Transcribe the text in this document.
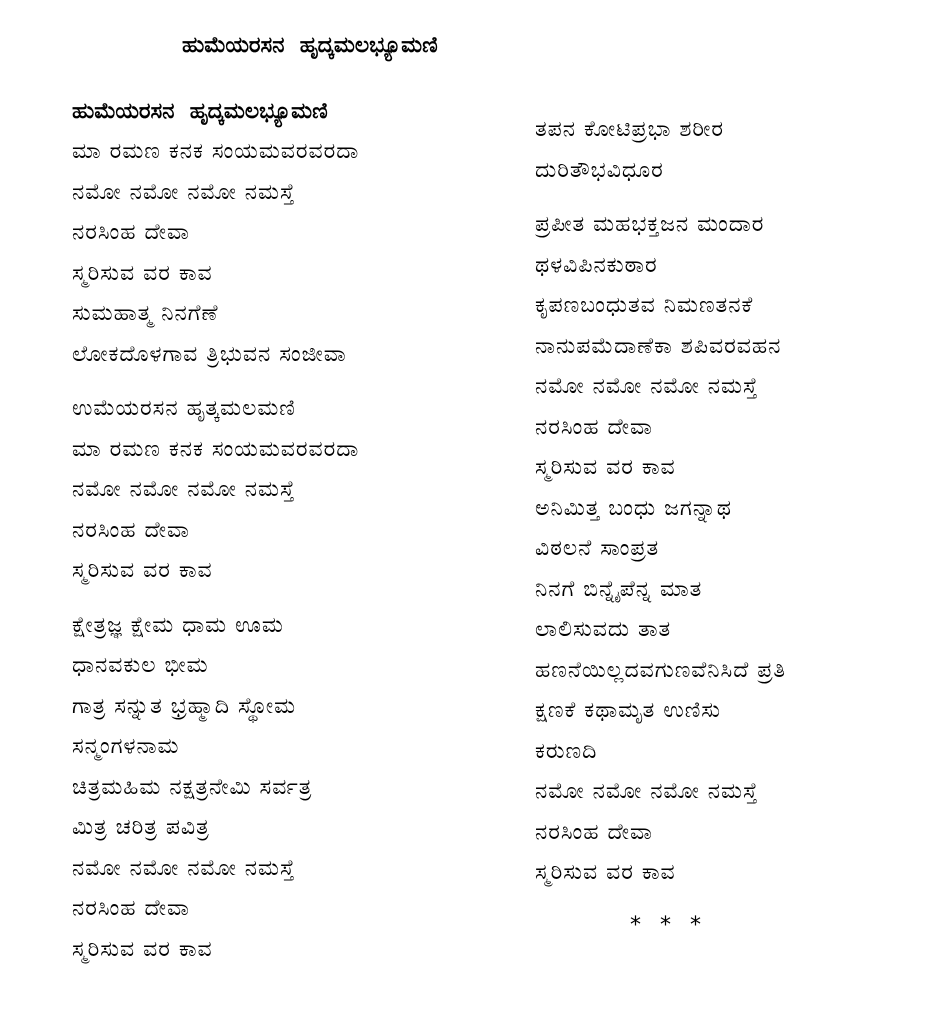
ಹುಮೆಯರಸನ  ಹೃದ್ಕಮಲಭ್ಯೂಮಣಿ
ಹುಮೆಯರಸನ  ಹೃದ್ಕಮಲಭ್ಯೂಮಣಿ
ಮಾ ರಮಣ ಕನಕ ಸಂಯಮವರವರದಾ
ನಮೋ ನಮೋ ನಮೋ ನಮಸ್ತೆ
ನರಸಿಂಹ ದೇವಾ
ಸ್ಮರಿಸುವ ವರ ಕಾವ
ಸುಮಹಾತ್ಮ ನಿನಗೆಣೆ
ಲೋಕದೊಳಗಾವ ತ್ರಿಭುವನ ಸಂಜೀವಾ
ಉಮೆಯರಸನ ಹೃತ್ಕಮಲಮಣಿ
ಮಾ ರಮಣ ಕನಕ ಸಂಯಮವರವರದಾ
ನಮೋ ನಮೋ ನಮೋ ನಮಸ್ತೆ
ನರಸಿಂಹ ದೇವಾ
ಸ್ಮರಿಸುವ ವರ ಕಾವ
ಕ್ಷೇತ್ರಜ್ಞ ಕ್ಷೇಮ ಧಾಮ ಊಮ
ಧಾನವಕುಲ ಭೀಮ
ಗಾತ್ರ ಸನ್ನುತ ಭ್ರಹ್ಮಾದಿ ಸ್ಥೋಮ
ಸನ್ಮಂಗಳನಾಮ
ಚಿತ್ರಮಹಿಮ ನಕ್ಷತ್ರನೇಮಿ ಸರ್ವತ್ರ
ಮಿತ್ರ ಚರಿತ್ರ ಪವಿತ್ರ
ನಮೋ ನಮೋ ನಮೋ ನಮಸ್ತೆ
ನರಸಿಂಹ ದೇವಾ
ಸ್ಮರಿಸುವ ವರ ಕಾವ
ತಪನ ಕೋಟಿಪ್ರಭಾ ಶರೀರ
ದುರಿತೌಭವಿಧೂರ
ಪ್ರಪೀತ ಮಹಭಕ್ತಜನ ಮಂದಾರ
ಥಳವಿಪಿನಕುಠಾರ
ಕೃಪಣಬಂಧುತವ ನಿಮಣತನಕೆ
ನಾನುಪಮೆದಾಣೆಕಾ ಶಪಿವರವಹನ
ನಮೋ ನಮೋ ನಮೋ ನಮಸ್ತೆ
ನರಸಿಂಹ ದೇವಾ
ಸ್ಮರಿಸುವ ವರ ಕಾವ
ಅನಿಮಿತ್ತ ಬಂಧು ಜಗನ್ನಾಥ
ವಿಠಲನೆ ಸಾಂಪ್ರತ
ನಿನಗೆ ಬಿನ್ನೈಪೆನ್ನ ಮಾತ
ಲಾಲಿಸುವದು ತಾತ
ಹಣನೆಯಿಲ್ಲದವಗುಣವೆನಿಸಿದೆ ಪ್ರತಿ
ಕ್ಷಣಕೆ ಕಥಾಮೃತ ಉಣಿಸು
ಕರುಣದಿ
ನಮೋ ನಮೋ ನಮೋ ನಮಸ್ತೆ
ನರಸಿಂಹ ದೇವಾ
ಸ್ಮರಿಸುವ ವರ ಕಾವ
* * *
